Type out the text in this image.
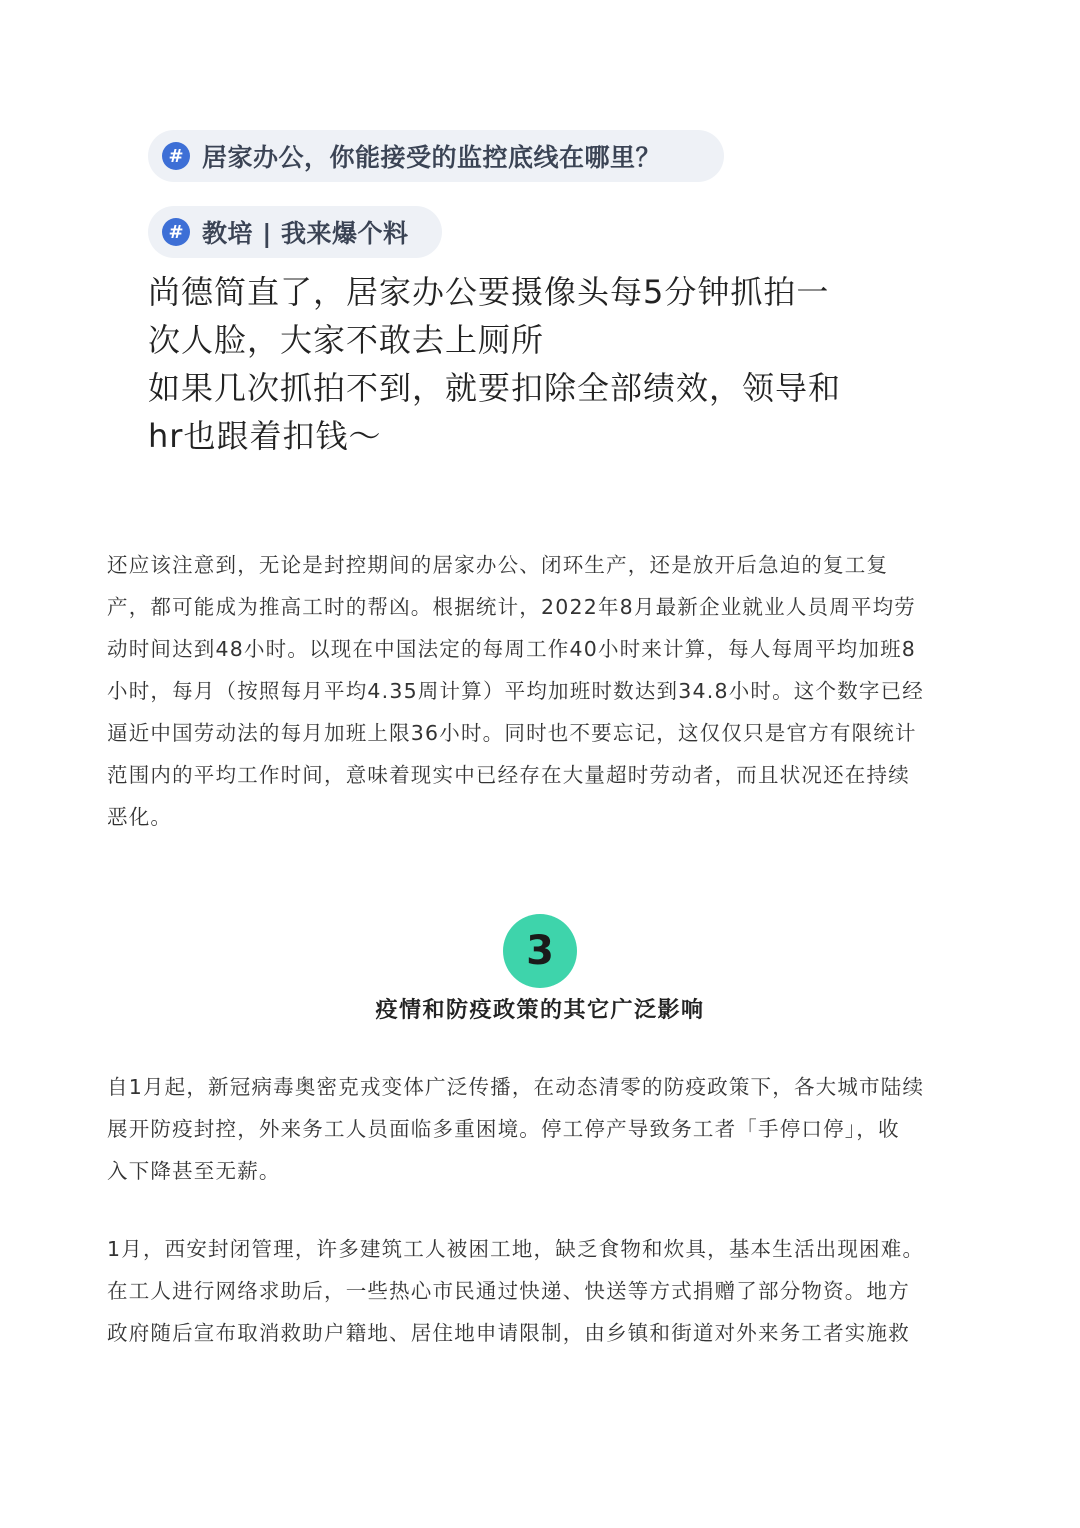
# 居家办公，你能接受的监控底线在哪里？
# 教培 | 我来爆个料
尚德简直了，居家办公要摄像头每5分钟抓拍一
次人脸，大家不敢去上厕所
如果几次抓拍不到，就要扣除全部绩效，领导和
hr也跟着扣钱～
还应该注意到，无论是封控期间的居家办公、闭环生产，还是放开后急迫的复工复
产，都可能成为推高工时的帮凶。根据统计，2022年8月最新企业就业人员周平均劳
动时间达到48小时。以现在中国法定的每周工作40小时来计算，每人每周平均加班8
小时，每月（按照每月平均4.35周计算）平均加班时数达到34.8小时。这个数字已经
逼近中国劳动法的每月加班上限36小时。同时也不要忘记，这仅仅只是官方有限统计
范围内的平均工作时间，意味着现实中已经存在大量超时劳动者，而且状况还在持续
恶化。
3
疫情和防疫政策的其它广泛影响
自1月起，新冠病毒奥密克戎变体广泛传播，在动态清零的防疫政策下，各大城市陆续
展开防疫封控，外来务工人员面临多重困境。停工停产导致务工者「手停口停」，收
入下降甚至无薪。
1月，西安封闭管理，许多建筑工人被困工地，缺乏食物和炊具，基本生活出现困难。
在工人进行网络求助后，一些热心市民通过快递、快送等方式捐赠了部分物资。地方
政府随后宣布取消救助户籍地、居住地申请限制，由乡镇和街道对外来务工者实施救
